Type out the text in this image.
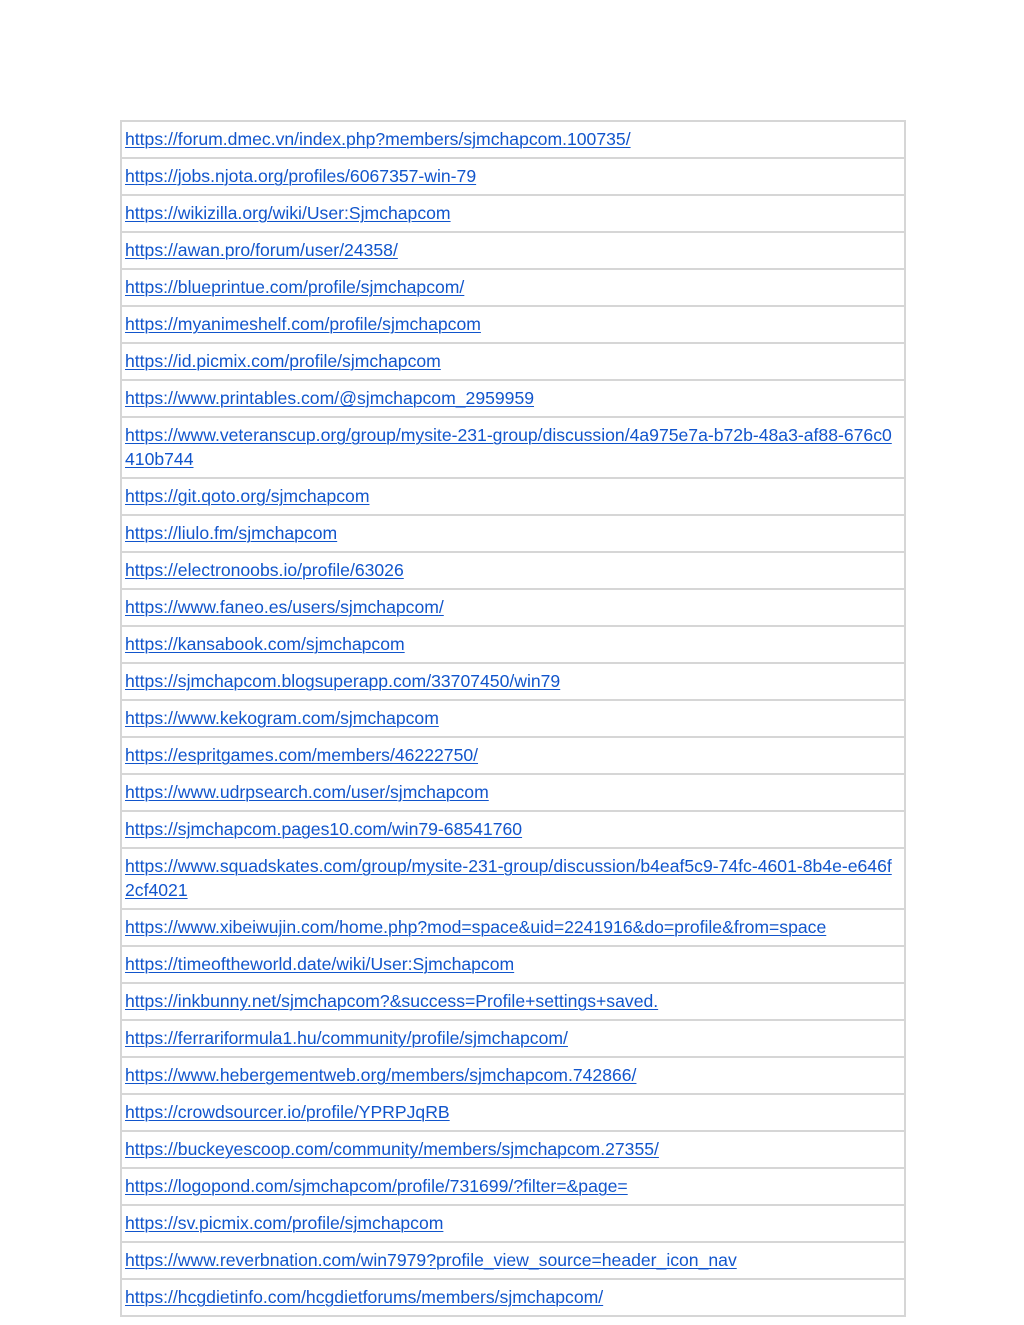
https://forum.dmec.vn/index.php?members/sjmchapcom.100735/
https://jobs.njota.org/profiles/6067357-win-79
https://wikizilla.org/wiki/User:Sjmchapcom
https://awan.pro/forum/user/24358/
https://blueprintue.com/profile/sjmchapcom/
https://myanimeshelf.com/profile/sjmchapcom
https://id.picmix.com/profile/sjmchapcom
https://www.printables.com/@sjmchapcom_2959959
https://www.veteranscup.org/group/mysite-231-group/discussion/4a975e7a-b72b-48a3-af88-676c0410b744
https://git.qoto.org/sjmchapcom
https://liulo.fm/sjmchapcom
https://electronoobs.io/profile/63026
https://www.faneo.es/users/sjmchapcom/
https://kansabook.com/sjmchapcom
https://sjmchapcom.blogsuperapp.com/33707450/win79
https://www.kekogram.com/sjmchapcom
https://espritgames.com/members/46222750/
https://www.udrpsearch.com/user/sjmchapcom
https://sjmchapcom.pages10.com/win79-68541760
https://www.squadskates.com/group/mysite-231-group/discussion/b4eaf5c9-74fc-4601-8b4e-e646f2cf4021
https://www.xibeiwujin.com/home.php?mod=space&uid=2241916&do=profile&from=space
https://timeoftheworld.date/wiki/User:Sjmchapcom
https://inkbunny.net/sjmchapcom?&success=Profile+settings+saved.
https://ferrariformula1.hu/community/profile/sjmchapcom/
https://www.hebergementweb.org/members/sjmchapcom.742866/
https://crowdsourcer.io/profile/YPRPJqRB
https://buckeyescoop.com/community/members/sjmchapcom.27355/
https://logopond.com/sjmchapcom/profile/731699/?filter=&page=
https://sv.picmix.com/profile/sjmchapcom
https://www.reverbnation.com/win7979?profile_view_source=header_icon_nav
https://hcgdietinfo.com/hcgdietforums/members/sjmchapcom/
